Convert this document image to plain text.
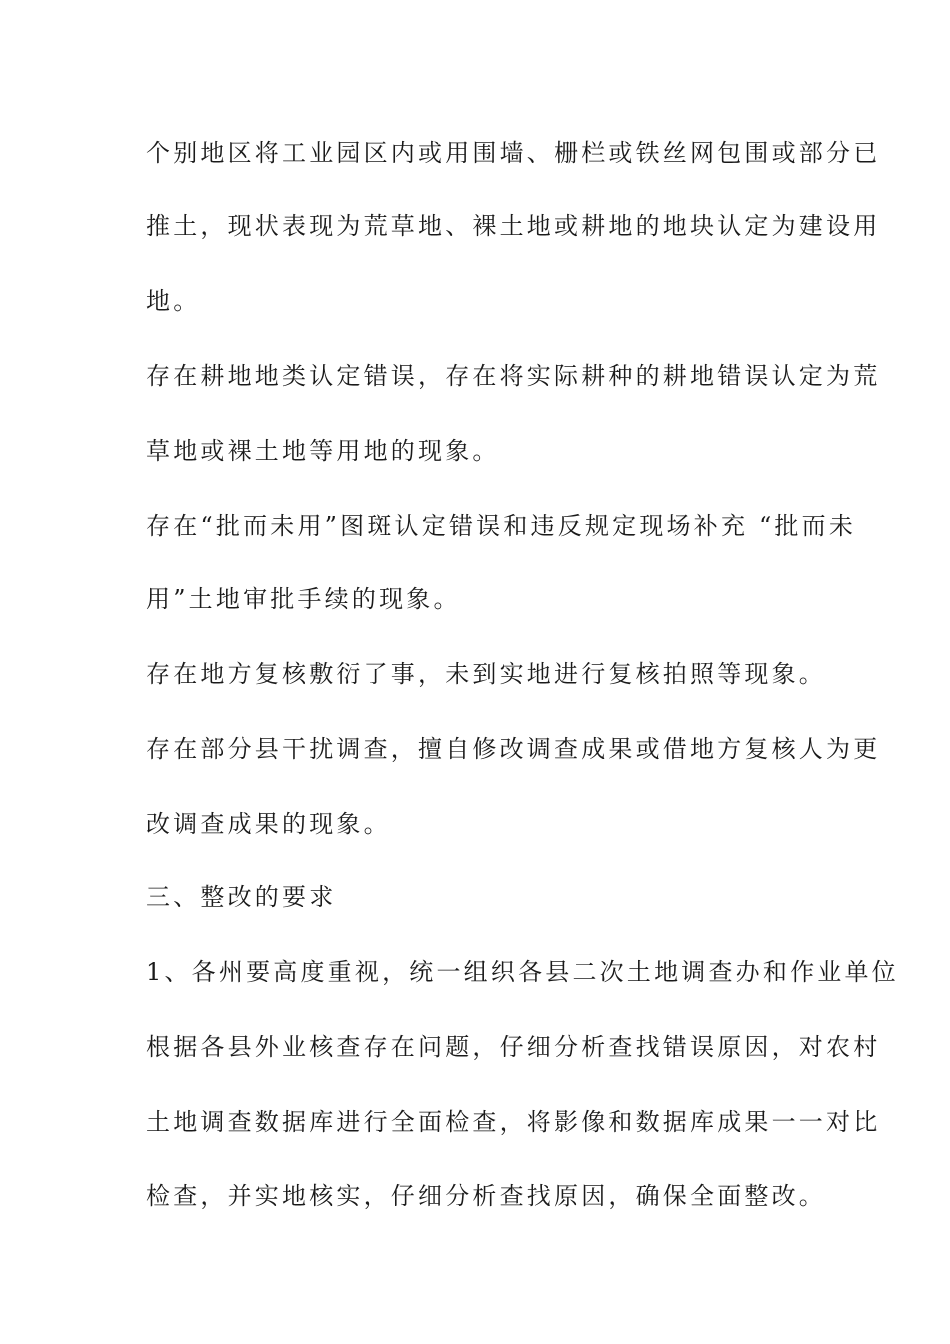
个别地区将工业园区内或用围墙、栅栏或铁丝网包围或部分已
推土，现状表现为荒草地、裸土地或耕地的地块认定为建设用
地。
存在耕地地类认定错误，存在将实际耕种的耕地错误认定为荒
草地或裸土地等用地的现象。
存在“批而未用”图斑认定错误和违反规定现场补充 “批而未
用”土地审批手续的现象。
存在地方复核敷衍了事，未到实地进行复核拍照等现象。
存在部分县干扰调查，擅自修改调查成果或借地方复核人为更
改调查成果的现象。
三、整改的要求
1、各州要高度重视，统一组织各县二次土地调查办和作业单位
根据各县外业核查存在问题，仔细分析查找错误原因，对农村
土地调查数据库进行全面检查，将影像和数据库成果一一对比
检查，并实地核实，仔细分析查找原因，确保全面整改。
